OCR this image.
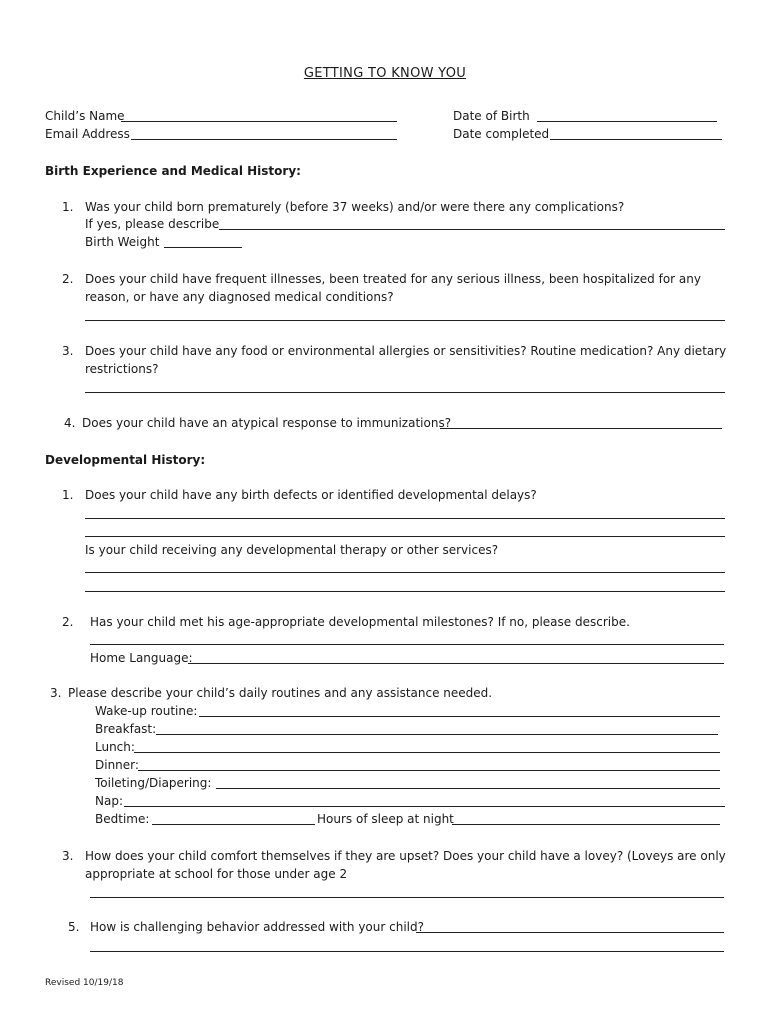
GETTING TO KNOW YOU
Child’s Name
Email Address
Date of Birth
Date completed
Birth Experience and Medical History:
1. Was your child born prematurely (before 37 weeks) and/or were there any complications?
If yes, please describe
Birth Weight
2. Does your child have frequent illnesses, been treated for any serious illness, been hospitalized for any
reason, or have any diagnosed medical conditions?
3. Does your child have any food or environmental allergies or sensitivities? Routine medication? Any dietary
restrictions?
4. Does your child have an atypical response to immunizations?
Developmental History:
1. Does your child have any birth defects or identified developmental delays?
Is your child receiving any developmental therapy or other services?
2. Has your child met his age-appropriate developmental milestones? If no, please describe.
Home Language:
3. Please describe your child’s daily routines and any assistance needed.
Wake-up routine:
Breakfast:
Lunch:
Dinner:
Toileting/Diapering:
Nap:
Bedtime:	Hours of sleep at night
3. How does your child comfort themselves if they are upset? Does your child have a lovey? (Loveys are only
appropriate at school for those under age 2
5. How is challenging behavior addressed with your child?
Revised 10/19/18
